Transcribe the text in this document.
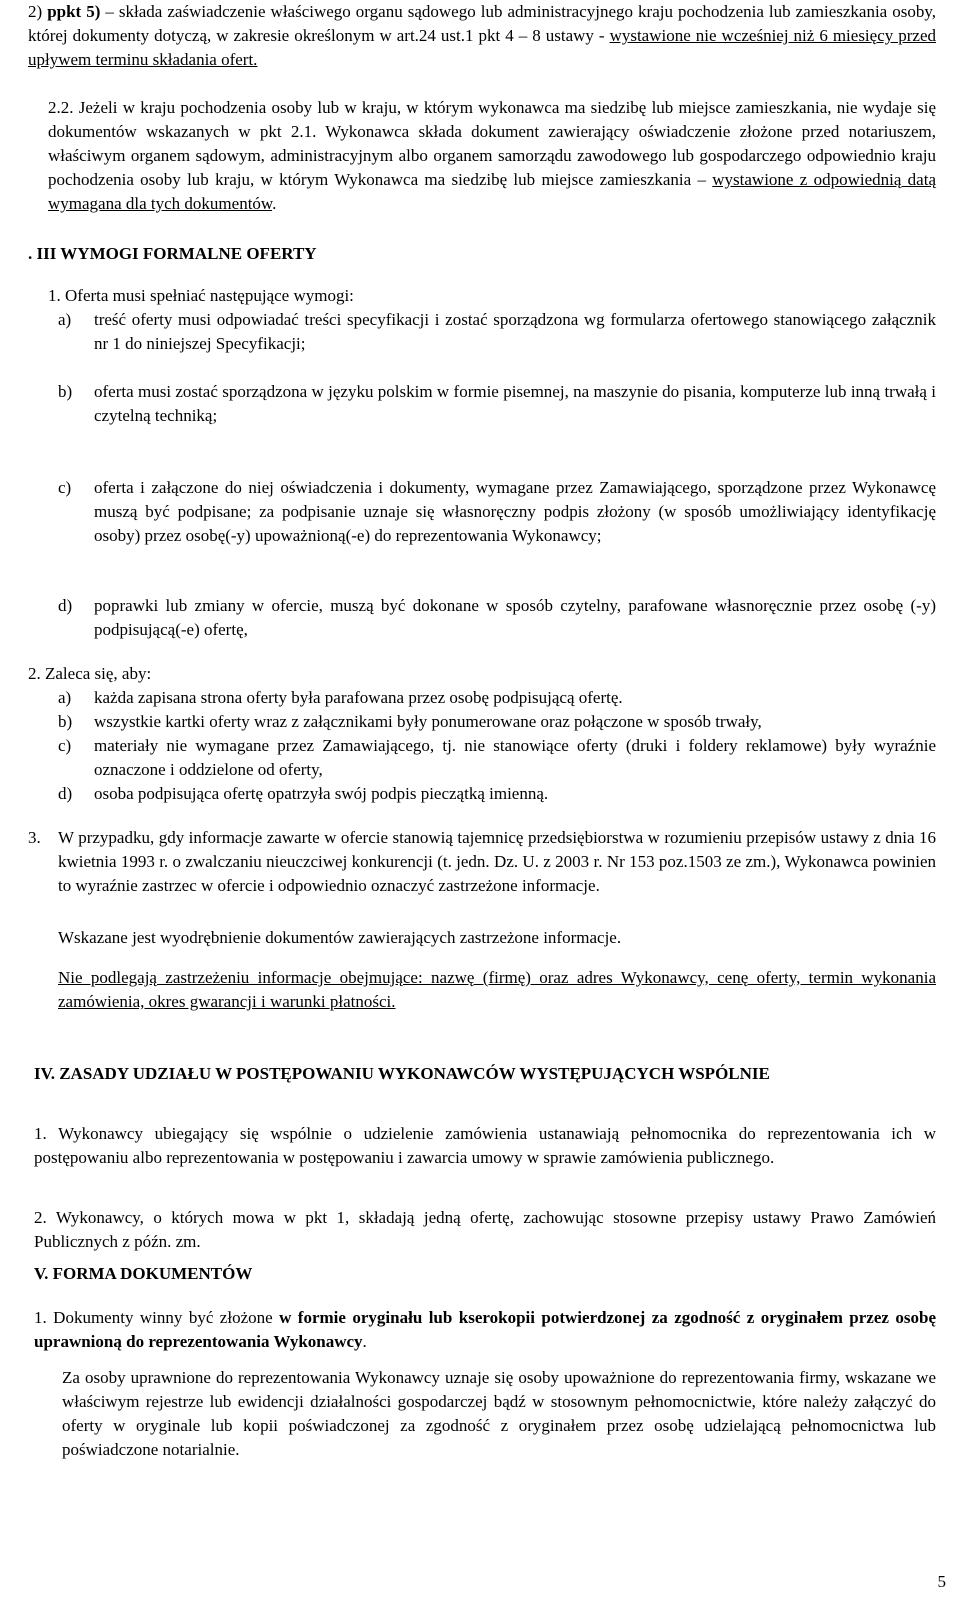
2) ppkt 5) – składa zaświadczenie właściwego organu sądowego lub administracyjnego kraju pochodzenia lub zamieszkania osoby, której dokumenty dotyczą, w zakresie określonym w art.24 ust.1 pkt 4 – 8 ustawy - wystawione nie wcześniej niż 6 miesięcy przed upływem terminu składania ofert.

2.2. Jeżeli w kraju pochodzenia osoby lub w kraju, w którym wykonawca ma siedzibę lub miejsce zamieszkania, nie wydaje się dokumentów wskazanych w pkt 2.1. Wykonawca składa dokument zawierający oświadczenie złożone przed notariuszem, właściwym organem sądowym, administracyjnym albo organem samorządu zawodowego lub gospodarczego odpowiednio kraju pochodzenia osoby lub kraju, w którym Wykonawca ma siedzibę lub miejsce zamieszkania – wystawione z odpowiednią datą wymagana dla tych dokumentów.

. III WYMOGI FORMALNE OFERTY

1. Oferta musi spełniać następujące wymogi:

a)	treść oferty musi odpowiadać treści specyfikacji i zostać sporządzona wg formularza ofertowego stanowiącego załącznik nr 1 do niniejszej Specyfikacji;
b)	oferta musi zostać sporządzona w języku polskim w formie pisemnej, na maszynie do pisania, komputerze lub inną trwałą i czytelną techniką;
c)	oferta i załączone do niej oświadczenia i dokumenty, wymagane przez Zamawiającego, sporządzone przez Wykonawcę muszą być podpisane; za podpisanie uznaje się własnoręczny podpis złożony (w sposób umożliwiający identyfikację osoby) przez osobę(-y) upoważnioną(-e) do reprezentowania Wykonawcy;
d)	poprawki lub zmiany w ofercie, muszą być dokonane w sposób czytelny, parafowane własnoręcznie przez osobę (-y) podpisującą(-e) ofertę,

2. Zaleca się, aby:

a)	każda zapisana strona oferty była parafowana przez osobę podpisującą ofertę.
b)	wszystkie kartki oferty wraz z załącznikami były ponumerowane oraz połączone w sposób trwały,
c)	materiały nie wymagane przez Zamawiającego, tj. nie stanowiące oferty (druki i foldery reklamowe) były wyraźnie oznaczone i oddzielone od oferty,
d)	osoba podpisująca ofertę opatrzyła swój podpis pieczątką imienną.
3.	W przypadku, gdy informacje zawarte w ofercie stanowią tajemnicę przedsiębiorstwa w rozumieniu przepisów ustawy z dnia 16 kwietnia 1993 r. o zwalczaniu nieuczciwej konkurencji (t. jedn. Dz. U. z 2003 r. Nr 153 poz.1503 ze zm.), Wykonawca powinien to wyraźnie zastrzec w ofercie i odpowiednio oznaczyć zastrzeżone informacje.

Wskazane jest wyodrębnienie dokumentów zawierających zastrzeżone informacje.

Nie podlegają zastrzeżeniu informacje obejmujące: nazwę (firmę) oraz adres Wykonawcy, cenę oferty, termin wykonania zamówienia, okres gwarancji i warunki płatności.

IV. ZASADY UDZIAŁU W POSTĘPOWANIU WYKONAWCÓW WYSTĘPUJĄCYCH WSPÓLNIE

1. Wykonawcy ubiegający się wspólnie o udzielenie zamówienia ustanawiają pełnomocnika do reprezentowania ich w postępowaniu albo reprezentowania w postępowaniu i zawarcia umowy w sprawie zamówienia publicznego.

2. Wykonawcy, o których mowa w pkt 1, składają jedną ofertę, zachowując stosowne przepisy ustawy Prawo Zamówień Publicznych z późn. zm.

V. FORMA DOKUMENTÓW

1. Dokumenty winny być złożone w formie oryginału lub kserokopii potwierdzonej za zgodność z oryginałem przez osobę uprawnioną do reprezentowania Wykonawcy.

Za osoby uprawnione do reprezentowania Wykonawcy uznaje się osoby upoważnione do reprezentowania firmy, wskazane we właściwym rejestrze lub ewidencji działalności gospodarczej bądź w stosownym pełnomocnictwie, które należy załączyć do oferty w oryginale lub kopii poświadczonej za zgodność z oryginałem przez osobę udzielającą pełnomocnictwa lub poświadczone notarialnie.

5
